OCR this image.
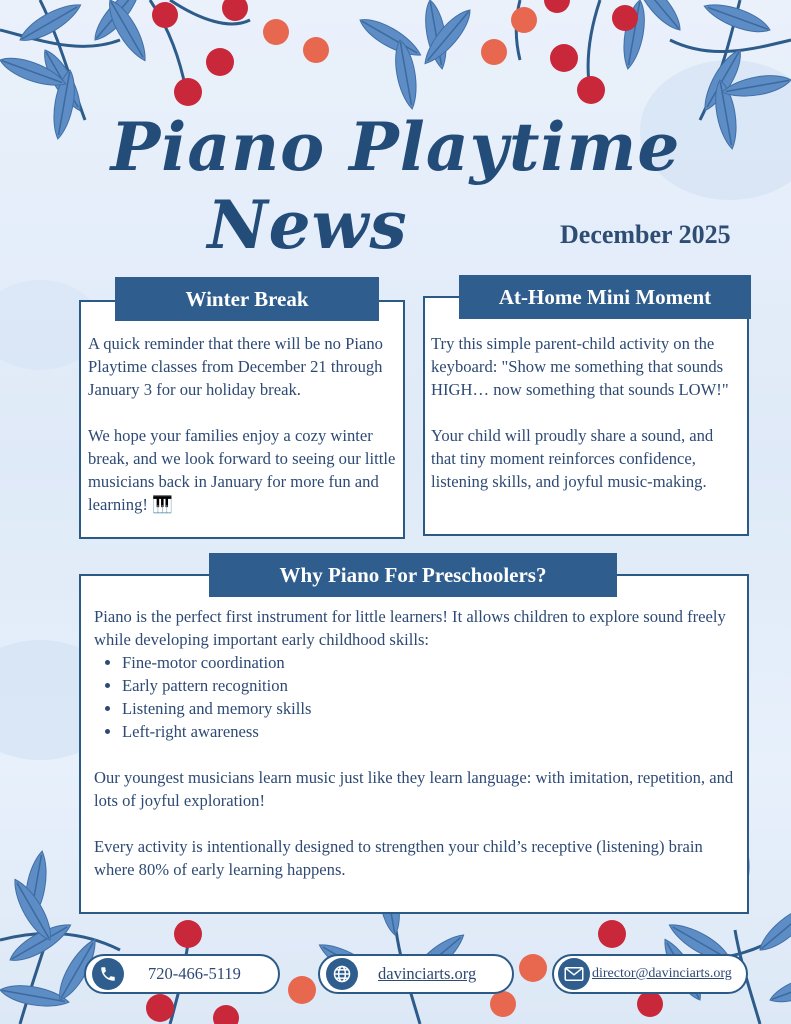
Piano Playtime
News	December 2025
Winter Break

A quick reminder that there will be no Piano Playtime classes from December 21 through January 3 for our holiday break.

We hope your families enjoy a cozy winter break, and we look forward to seeing our little musicians back in January for more fun and learning! 🎹

At-Home Mini Moment

Try this simple parent-child activity on the keyboard: "Show me something that sounds HIGH… now something that sounds LOW!"

Your child will proudly share a sound, and that tiny moment reinforces confidence, listening skills, and joyful music-making.

Why Piano For Preschoolers?

Piano is the perfect first instrument for little learners! It allows children to explore sound freely while developing important early childhood skills:

• Fine-motor coordination
• Early pattern recognition
• Listening and memory skills
• Left-right awareness

Our youngest musicians learn music just like they learn language: with imitation, repetition, and lots of joyful exploration!

Every activity is intentionally designed to strengthen your child’s receptive (listening) brain where 80% of early learning happens.

720-466-5119	davinciarts.org	director@davinciarts.org
